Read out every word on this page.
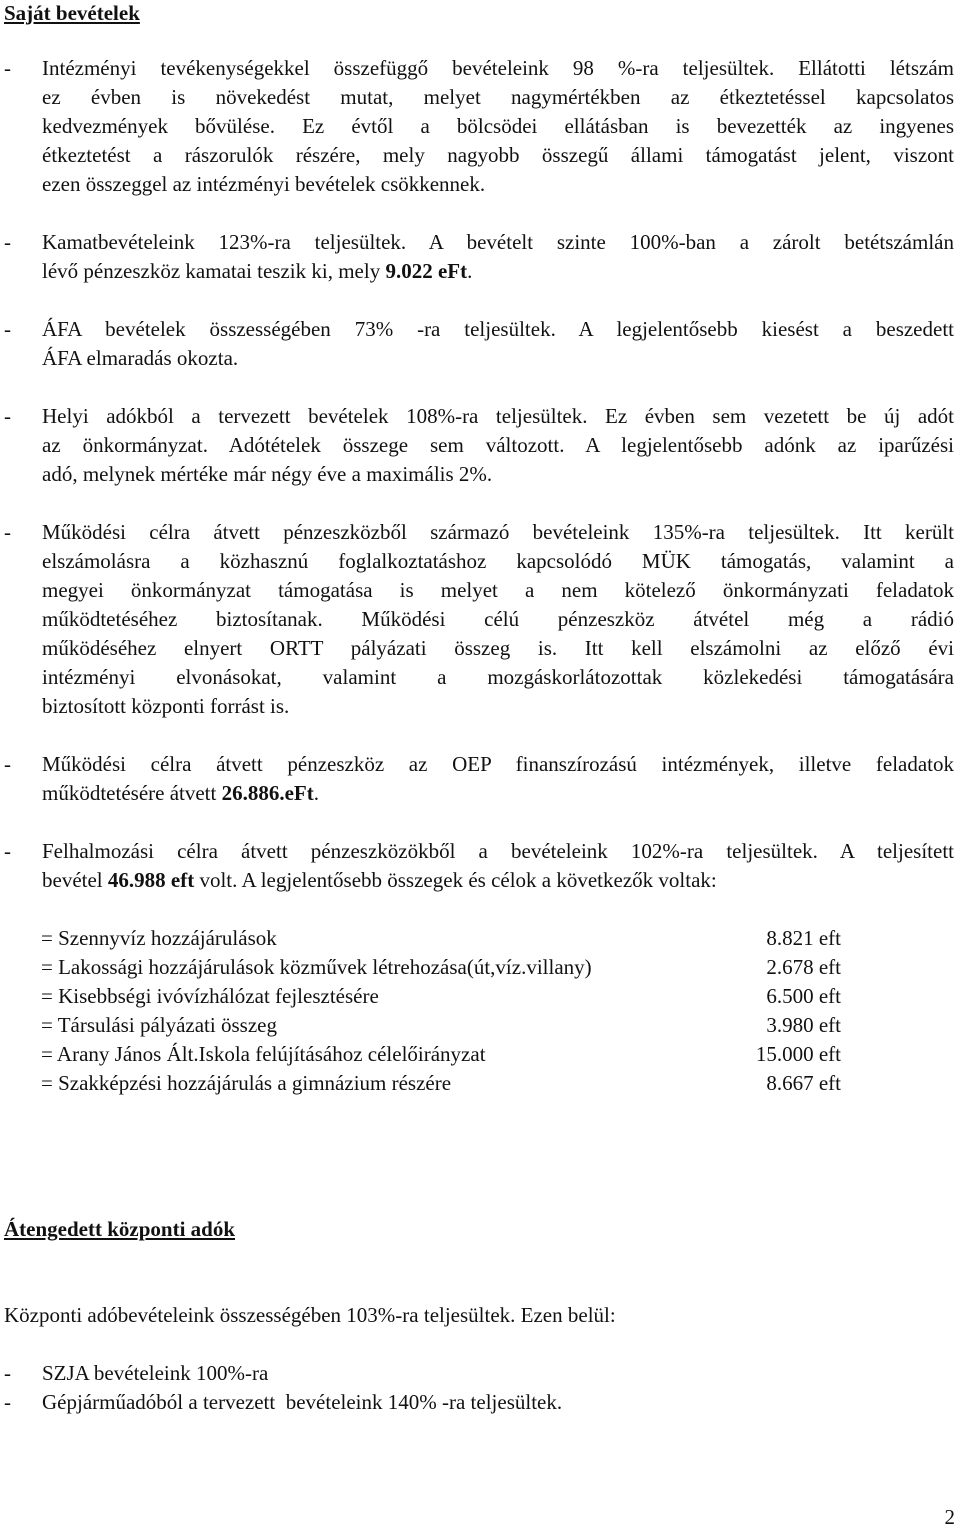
Saját bevételek
- Intézményi tevékenységekkel összefüggő bevételeink 98 %-ra teljesültek. Ellátotti létszám
ez évben is növekedést mutat, melyet nagymértékben az étkeztetéssel kapcsolatos
kedvezmények bővülése. Ez évtől a bölcsödei ellátásban is bevezették az ingyenes
étkeztetést a rászorulók részére, mely nagyobb összegű állami támogatást jelent, viszont
ezen összeggel az intézményi bevételek csökkennek.
- Kamatbevételeink 123%-ra teljesültek. A bevételt szinte 100%-ban a zárolt betétszámlán
lévő pénzeszköz kamatai teszik ki, mely 9.022 eFt.
- ÁFA bevételek összességében 73% -ra teljesültek. A legjelentősebb kiesést a beszedett
ÁFA elmaradás okozta.
- Helyi adókból a tervezett bevételek 108%-ra teljesültek. Ez évben sem vezetett be új adót
az önkormányzat. Adótételek összege sem változott. A legjelentősebb adónk az iparűzési
adó, melynek mértéke már négy éve a maximális 2%.
- Működési célra átvett pénzeszközből származó bevételeink 135%-ra teljesültek. Itt került
elszámolásra a közhasznú foglalkoztatáshoz kapcsolódó MÜK támogatás, valamint a
megyei önkormányzat támogatása is melyet a nem kötelező önkormányzati feladatok
működtetéséhez biztosítanak. Működési célú pénzeszköz átvétel még a rádió
működéséhez elnyert ORTT pályázati összeg is. Itt kell elszámolni az előző évi
intézményi elvonásokat, valamint a mozgáskorlátozottak közlekedési támogatására
biztosított központi forrást is.
- Működési célra átvett pénzeszköz az OEP finanszírozású intézmények, illetve feladatok
működtetésére átvett 26.886.eFt.
- Felhalmozási célra átvett pénzeszközökből a bevételeink 102%-ra teljesültek. A teljesített
bevétel 46.988 eft volt. A legjelentősebb összegek és célok a következők voltak:
= Szennyvíz hozzájárulások	8.821 eft
= Lakossági hozzájárulások közművek létrehozása(út,víz.villany)	2.678 eft
= Kisebbségi ivóvízhálózat fejlesztésére	6.500 eft
= Társulási pályázati összeg	3.980 eft
= Arany János Ált.Iskola felújításához célelőirányzat	15.000 eft
= Szakképzési hozzájárulás a gimnázium részére	8.667 eft
Átengedett központi adók
Központi adóbevételeink összességében 103%-ra teljesültek. Ezen belül:
- SZJA bevételeink 100%-ra
- Gépjárműadóból a tervezett  bevételeink 140% -ra teljesültek.
2
